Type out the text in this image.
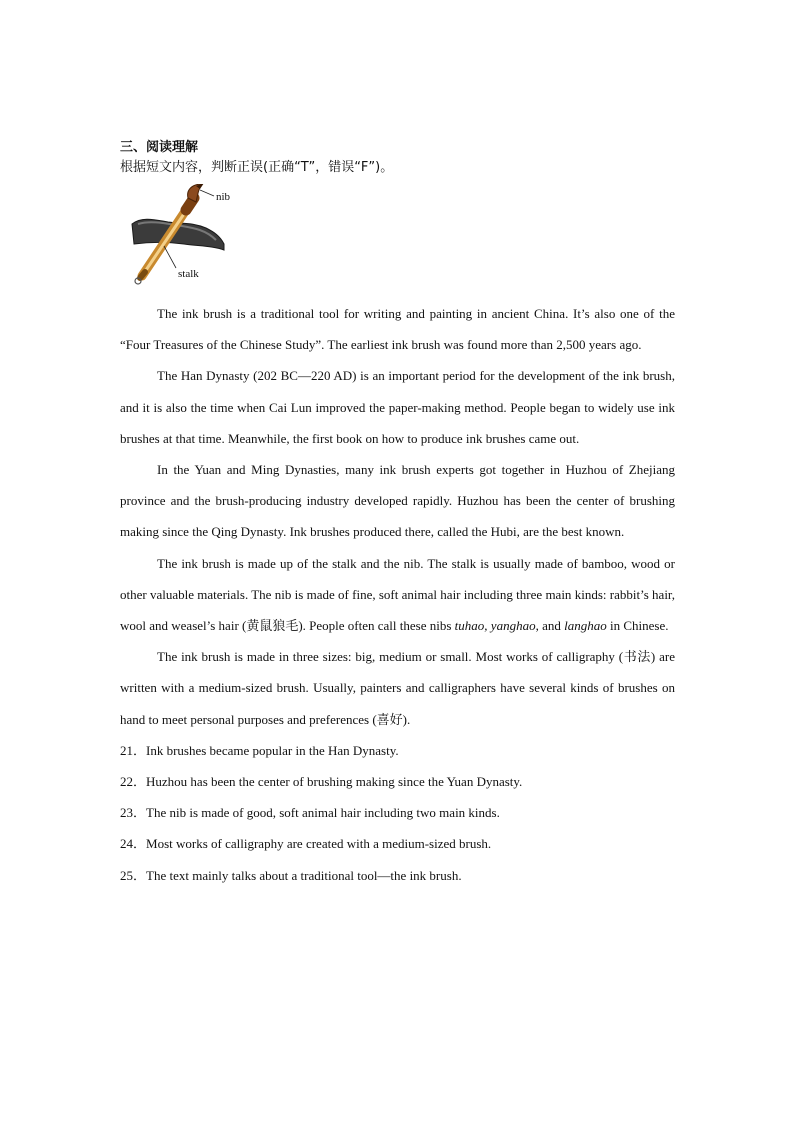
三、阅读理解

根据短文内容，判断正误(正确“T”，错误“F”)。

nib
stalk

The ink brush is a traditional tool for writing and painting in ancient China. It’s also one of the “Four Treasures of the Chinese Study”. The earliest ink brush was found more than 2,500 years ago.

The Han Dynasty (202 BC—220 AD) is an important period for the development of the ink brush, and it is also the time when Cai Lun improved the paper-making method. People began to widely use ink brushes at that time. Meanwhile, the first book on how to produce ink brushes came out.

In the Yuan and Ming Dynasties, many ink brush experts got together in Huzhou of Zhejiang province and the brush-producing industry developed rapidly. Huzhou has been the center of brushing making since the Qing Dynasty. Ink brushes produced there, called the Hubi, are the best known.

The ink brush is made up of the stalk and the nib. The stalk is usually made of bamboo, wood or other valuable materials. The nib is made of fine, soft animal hair including three main kinds: rabbit’s hair, wool and weasel’s hair (黄鼠狼毛). People often call these nibs tuhao, yanghao, and langhao in Chinese.

The ink brush is made in three sizes: big, medium or small. Most works of calligraphy (书法) are written with a medium-sized brush. Usually, painters and calligraphers have several kinds of brushes on hand to meet personal purposes and preferences (喜好).

21．Ink brushes became popular in the Han Dynasty.

22．Huzhou has been the center of brushing making since the Yuan Dynasty.

23．The nib is made of good, soft animal hair including two main kinds.

24．Most works of calligraphy are created with a medium-sized brush.

25．The text mainly talks about a traditional tool—the ink brush.
